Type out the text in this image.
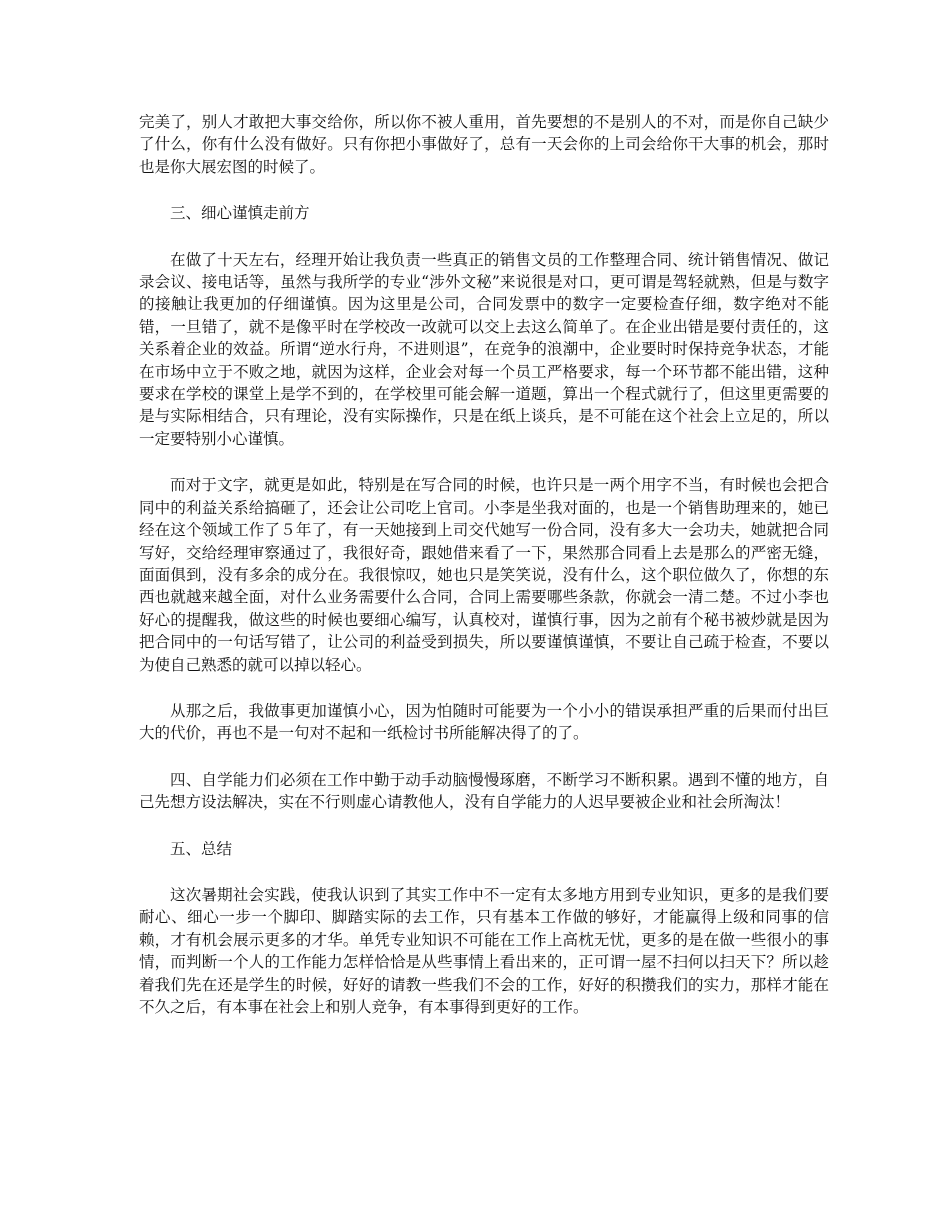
完美了，别人才敢把大事交给你，所以你不被人重用，首先要想的不是别人的不对，而是你自己缺少了什么，你有什么没有做好。只有你把小事做好了，总有一天会你的上司会给你干大事的机会，那时也是你大展宏图的时候了。

三、细心谨慎走前方

在做了十天左右，经理开始让我负责一些真正的销售文员的工作整理合同、统计销售情况、做记录会议、接电话等，虽然与我所学的专业“涉外文秘”来说很是对口，更可谓是驾轻就熟，但是与数字的接触让我更加的仔细谨慎。因为这里是公司，合同发票中的数字一定要检查仔细，数字绝对不能错，一旦错了，就不是像平时在学校改一改就可以交上去这么简单了。在企业出错是要付责任的，这关系着企业的效益。所谓“逆水行舟，不进则退”，在竞争的浪潮中，企业要时时保持竞争状态，才能在市场中立于不败之地，就因为这样，企业会对每一个员工严格要求，每一个环节都不能出错，这种要求在学校的课堂上是学不到的，在学校里可能会解一道题，算出一个程式就行了，但这里更需要的是与实际相结合，只有理论，没有实际操作，只是在纸上谈兵，是不可能在这个社会上立足的，所以一定要特别小心谨慎。

而对于文字，就更是如此，特别是在写合同的时候，也许只是一两个用字不当，有时候也会把合同中的利益关系给搞砸了，还会让公司吃上官司。小李是坐我对面的，也是一个销售助理来的，她已经在这个领域工作了５年了，有一天她接到上司交代她写一份合同，没有多大一会功夫，她就把合同写好，交给经理审察通过了，我很好奇，跟她借来看了一下，果然那合同看上去是那么的严密无缝，面面俱到，没有多余的成分在。我很惊叹，她也只是笑笑说，没有什么，这个职位做久了，你想的东西也就越来越全面，对什么业务需要什么合同，合同上需要哪些条款，你就会一清二楚。不过小李也好心的提醒我，做这些的时候也要细心编写，认真校对，谨慎行事，因为之前有个秘书被炒就是因为把合同中的一句话写错了，让公司的利益受到损失，所以要谨慎谨慎，不要让自己疏于检查，不要以为使自己熟悉的就可以掉以轻心。

从那之后，我做事更加谨慎小心，因为怕随时可能要为一个小小的错误承担严重的后果而付出巨大的代价，再也不是一句对不起和一纸检讨书所能解决得了的了。

四、自学能力们必须在工作中勤于动手动脑慢慢琢磨，不断学习不断积累。遇到不懂的地方，自己先想方设法解决，实在不行则虚心请教他人，没有自学能力的人迟早要被企业和社会所淘汰！

五、总结

这次暑期社会实践，使我认识到了其实工作中不一定有太多地方用到专业知识，更多的是我们要耐心、细心一步一个脚印、脚踏实际的去工作，只有基本工作做的够好，才能赢得上级和同事的信赖，才有机会展示更多的才华。单凭专业知识不可能在工作上高枕无忧，更多的是在做一些很小的事情，而判断一个人的工作能力怎样恰恰是从些事情上看出来的，正可谓一屋不扫何以扫天下？所以趁着我们先在还是学生的时候，好好的请教一些我们不会的工作，好好的积攒我们的实力，那样才能在不久之后，有本事在社会上和别人竞争，有本事得到更好的工作。
